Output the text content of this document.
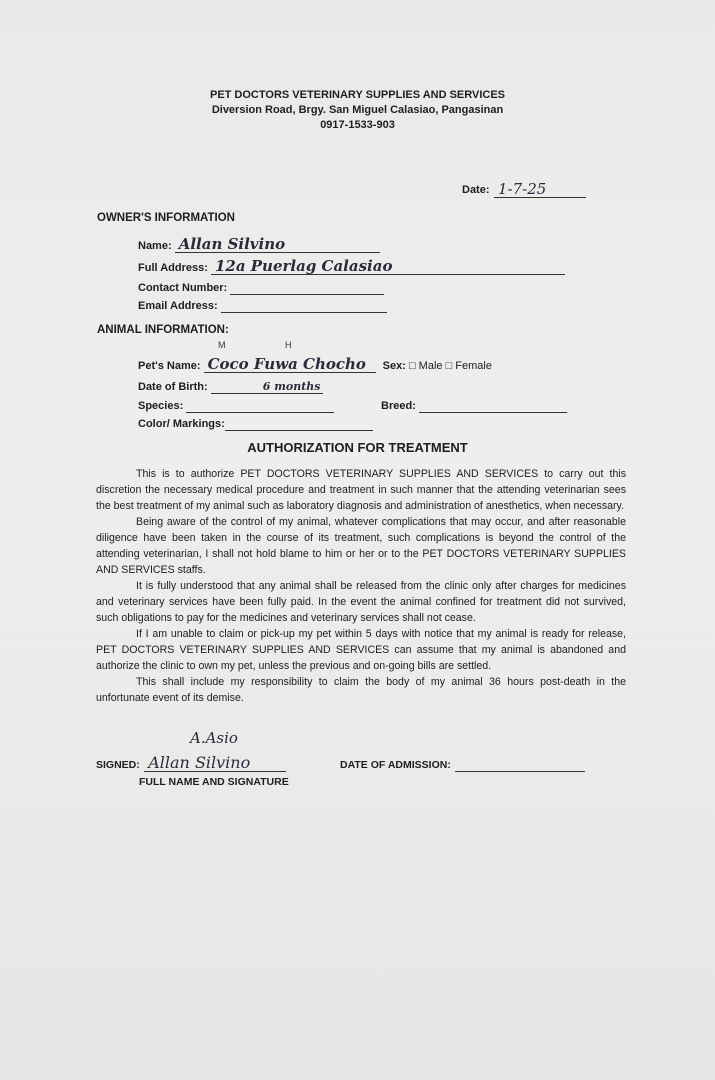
PET DOCTORS VETERINARY SUPPLIES AND SERVICES
Diversion Road, Brgy. San Miguel Calasiao, Pangasinan
0917-1533-903
Date: 1-7-25
OWNER'S INFORMATION
Name: Allan Silvino
Full Address: 12a Puerlag Calasiao
Contact Number:
Email Address:
ANIMAL INFORMATION:
M	H
Pet's Name: Coco Fuwa Chocho Sex: □ Male □ Female
Date of Birth:	6 months
Species:	Breed:
Color/ Markings:
AUTHORIZATION FOR TREATMENT

This is to authorize PET DOCTORS VETERINARY SUPPLIES AND SERVICES to carry out this discretion the necessary medical procedure and treatment in such manner that the attending veterinarian sees the best treatment of my animal such as laboratory diagnosis and administration of anesthetics, when necessary.

Being aware of the control of my animal, whatever complications that may occur, and after reasonable diligence have been taken in the course of its treatment, such complications is beyond the control of the attending veterinarian, I shall not hold blame to him or her or to the PET DOCTORS VETERINARY SUPPLIES AND SERVICES staffs.

It is fully understood that any animal shall be released from the clinic only after charges for medicines and veterinary services have been fully paid. In the event the animal confined for treatment did not survived, such obligations to pay for the medicines and veterinary services shall not cease.

If I am unable to claim or pick-up my pet within 5 days with notice that my animal is ready for release, PET DOCTORS VETERINARY SUPPLIES AND SERVICES can assume that my animal is abandoned and authorize the clinic to own my pet, unless the previous and on-going bills are settled.

This shall include my responsibility to claim the body of my animal 36 hours post-death in the unfortunate event of its demise.

A.Asio
SIGNED: Allan Silvino
FULL NAME AND SIGNATURE
DATE OF ADMISSION:
